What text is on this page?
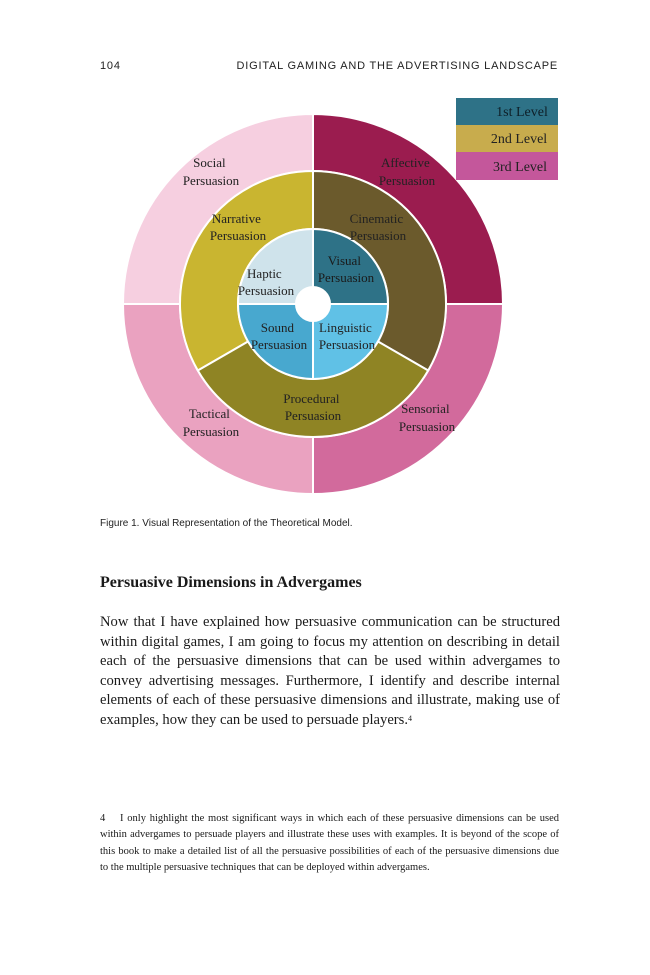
104	DIGITAL GAMING AND THE ADVERTISING LANDSCAPE
Social Persuasion
Affective Persuasion
Sensorial Persuasion
Tactical Persuasion
Narrative Persuasion
Cinematic Persuasion
Procedural Persuasion
Haptic Persuasion
Visual Persuasion
Linguistic Persuasion
Sound Persuasion
1st Level
2nd Level
3rd Level
Figure 1. Visual Representation of the Theoretical Model.
Persuasive Dimensions in Advergames

Now that I have explained how persuasive communication can be structured within digital games, I am going to focus my attention on describing in detail each of the persuasive dimensions that can be used within advergames to convey advertising messages. Furthermore, I identify and describe internal elements of each of these persuasive dimensions and illustrate, making use of examples, how they can be used to persuade players.$^4$

4 I only highlight the most significant ways in which each of these persuasive dimensions can be used within advergames to persuade players and illustrate these uses with examples. It is beyond of the scope of this book to make a detailed list of all the persuasive possibilities of each of the persuasive dimensions due to the multiple persuasive techniques that can be deployed within advergames.
